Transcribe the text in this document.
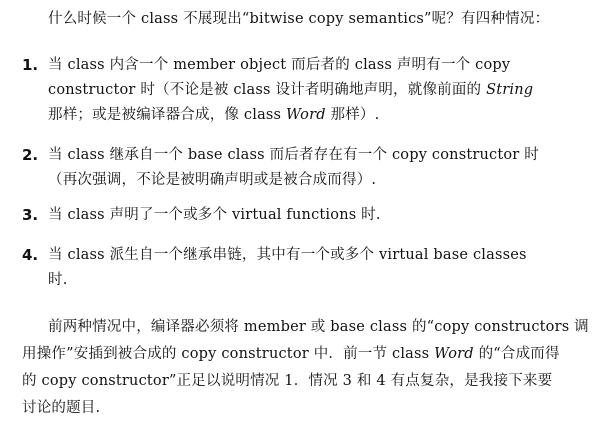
什么时候一个 class 不展现出“bitwise copy semantics”呢？有四种情况：
1. 当 class 内含一个 member object 而后者的 class 声明有一个 copy
constructor 时（不论是被 class 设计者明确地声明，就像前面的 String
那样；或是被编译器合成，像 class Word 那样）.
2. 当 class 继承自一个 base class 而后者存在有一个 copy constructor 时
（再次强调，不论是被明确声明或是被合成而得）.
3. 当 class 声明了一个或多个 virtual functions 时.
4. 当 class 派生自一个继承串链，其中有一个或多个 virtual base classes
时.
前两种情况中，编译器必须将 member 或 base class 的“copy constructors 调
用操作”安插到被合成的 copy constructor 中．前一节 class Word 的“合成而得
的 copy constructor”正足以说明情况 1．情况 3 和 4 有点复杂，是我接下来要
讨论的题目.
